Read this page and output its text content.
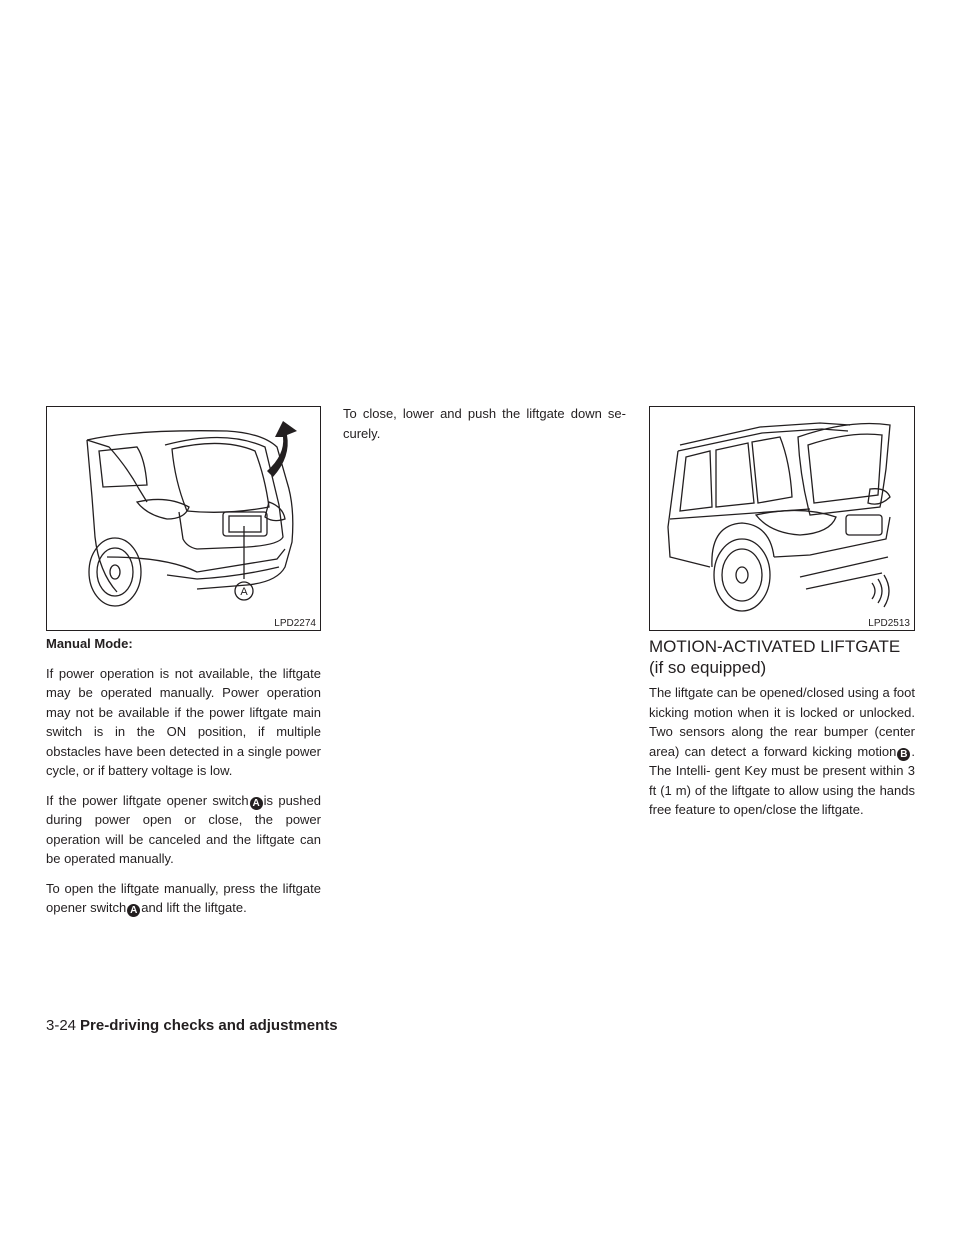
A
LPD2274	LPD2513

Manual Mode:

If power operation is not available, the liftgate may be operated manually. Power operation may not be available if the power liftgate main switch is in the ON position, if multiple obstacles have been detected in a single power cycle, or if battery voltage is low.

If the power liftgate opener switch A is pushed during power open or close, the power operation will be canceled and the liftgate can be operated manually.

To open the liftgate manually, press the liftgate opener switch A and lift the liftgate.

To close, lower and push the liftgate down se- curely.

MOTION-ACTIVATED LIFTGATE (if so equipped)

The liftgate can be opened/closed using a foot kicking motion when it is locked or unlocked. Two sensors along the rear bumper (center area) can detect a forward kicking motion B . The Intelli- gent Key must be present within 3 ft (1 m) of the liftgate to allow using the hands free feature to open/close the liftgate.

3-24 Pre-driving checks and adjustments
